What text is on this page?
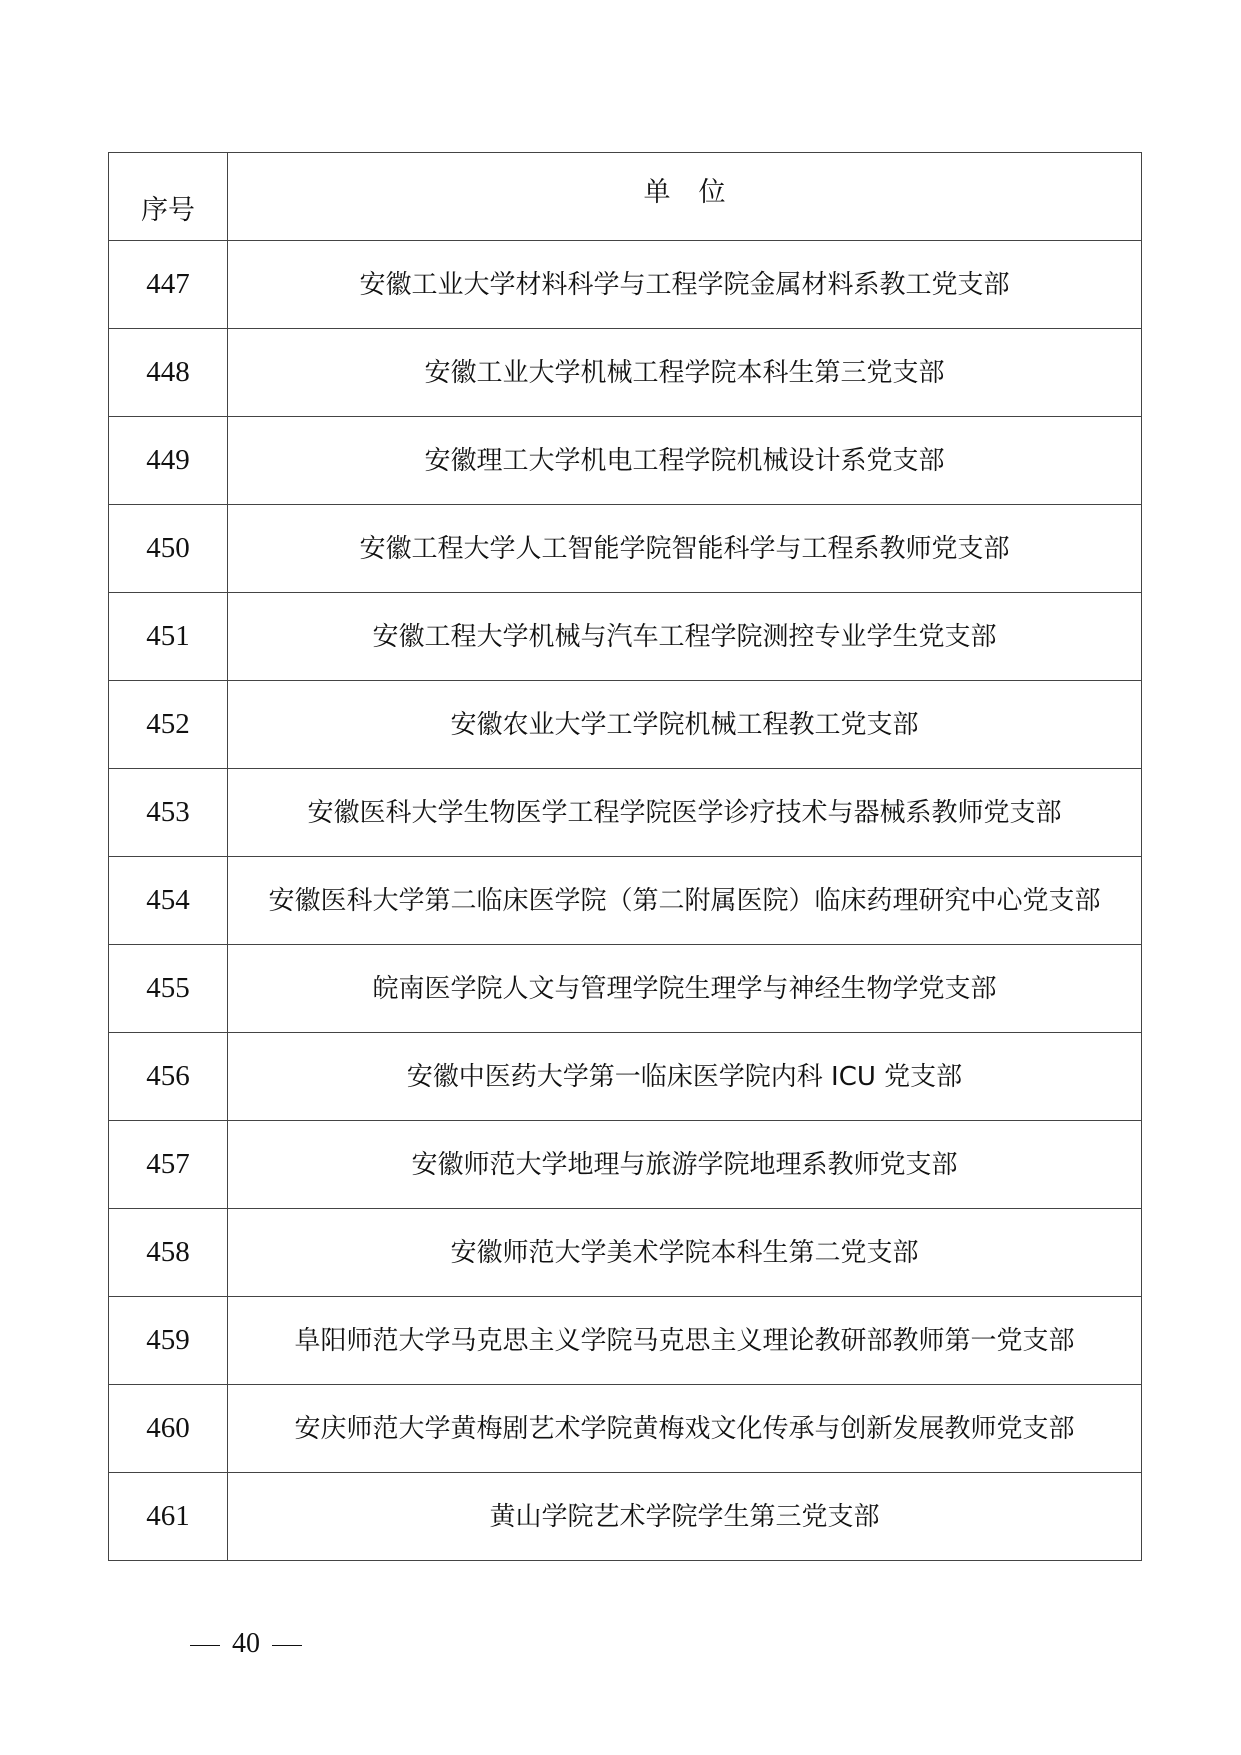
序号	单位
447	安徽工业大学材料科学与工程学院金属材料系教工党支部
448	安徽工业大学机械工程学院本科生第三党支部
449	安徽理工大学机电工程学院机械设计系党支部
450	安徽工程大学人工智能学院智能科学与工程系教师党支部
451	安徽工程大学机械与汽车工程学院测控专业学生党支部
452	安徽农业大学工学院机械工程教工党支部
453	安徽医科大学生物医学工程学院医学诊疗技术与器械系教师党支部
454	安徽医科大学第二临床医学院（第二附属医院）临床药理研究中心党支部
455	皖南医学院人文与管理学院生理学与神经生物学党支部
456	安徽中医药大学第一临床医学院内科 ICU 党支部
457	安徽师范大学地理与旅游学院地理系教师党支部
458	安徽师范大学美术学院本科生第二党支部
459	阜阳师范大学马克思主义学院马克思主义理论教研部教师第一党支部
460	安庆师范大学黄梅剧艺术学院黄梅戏文化传承与创新发展教师党支部
461	黄山学院艺术学院学生第三党支部
40
